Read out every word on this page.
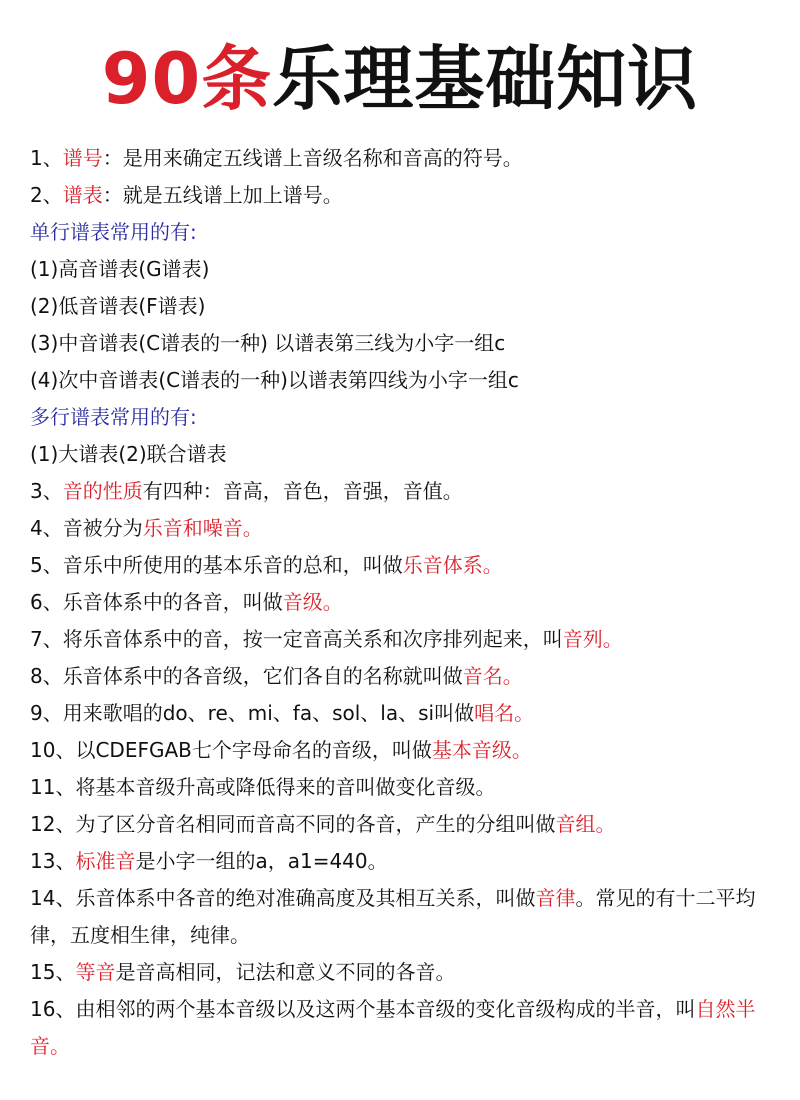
90条乐理基础知识
1、谱号：是用来确定五线谱上音级名称和音高的符号。
2、谱表：就是五线谱上加上谱号。
单行谱表常用的有:
(1)高音谱表(G谱表)
(2)低音谱表(F谱表)
(3)中音谱表(C谱表的一种) 以谱表第三线为小字一组c
(4)次中音谱表(C谱表的一种)以谱表第四线为小字一组c
多行谱表常用的有:
(1)大谱表(2)联合谱表
3、音的性质有四种：音高，音色，音强，音值。
4、音被分为乐音和噪音。
5、音乐中所使用的基本乐音的总和，叫做乐音体系。
6、乐音体系中的各音，叫做音级。
7、将乐音体系中的音，按一定音高关系和次序排列起来，叫音列。
8、乐音体系中的各音级，它们各自的名称就叫做音名。
9、用来歌唱的do、re、mi、fa、sol、la、si叫做唱名。
10、以CDEFGAB七个字母命名的音级，叫做基本音级。
11、将基本音级升高或降低得来的音叫做变化音级。
12、为了区分音名相同而音高不同的各音，产生的分组叫做音组。
13、标准音是小字一组的a，a1=440。
14、乐音体系中各音的绝对准确高度及其相互关系，叫做音律。常见的有十二平均律，五度相生律，纯律。
15、等音是音高相同，记法和意义不同的各音。
16、由相邻的两个基本音级以及这两个基本音级的变化音级构成的半音，叫自然半音。
